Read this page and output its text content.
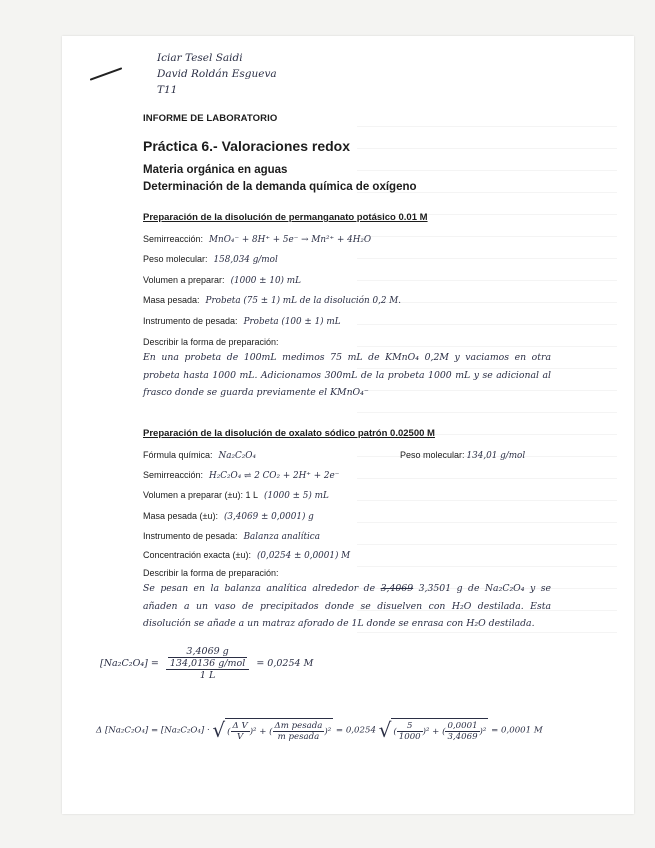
Iciar Tesel Saidi
David Roldán Esgueva
T11
INFORME DE LABORATORIO
Práctica 6.- Valoraciones redox
Materia orgánica en aguas
Determinación de la demanda química de oxígeno
Preparación de la disolución de permanganato potásico 0.01 M
Semirreacción: MnO₄⁻ + 8H⁺ + 5e⁻ → Mn²⁺ + 4H₂O
Peso molecular: 158,034 g/mol
Volumen a preparar: (1000 ± 10) mL
Masa pesada: Probeta (75 ± 1) mL de la disolución 0,2 M.
Instrumento de pesada: Probeta (100 ± 1) mL
Describir la forma de preparación:
En una probeta de 100mL medimos 75 mL de KMnO₄ 0,2M y vaciamos en otra probeta hasta 1000 mL. Adicionamos 300mL de la probeta 1000 mL y se adicional al frasco donde se guarda previamente el KMnO₄⁻
Preparación de la disolución de oxalato sódico patrón 0.02500 M
Fórmula química: Na₂C₂O₄	Peso molecular: 134,01 g/mol
Semirreacción: H₂C₂O₄ ⇌ 2 CO₂ + 2H⁺ + 2e⁻
Volumen a preparar (±u): 1 L (1000 ± 5) mL
Masa pesada (±u): (3,4069 ± 0,0001) g
Instrumento de pesada: Balanza analítica
Concentración exacta (±u): (0,0254 ± 0,0001) M
Describir la forma de preparación:
Se pesan en la balanza analítica alrededor de 3,4069 3,3501 g de Na₂C₂O₄ y se añaden a un vaso de precipitados donde se disuelven con H₂O destilada. Esta disolución se añade a un matraz aforado de 1L donde se enrasa con H₂O destilada.
$[Na_2C_2O_4] = \frac{\frac{3,4069 g}{\text{134,0136 g/mol}}}{1 L} = 0,0254$ M
Δ [Na₂C₂O₄] = [Na₂C₂O₄] · √( $\frac{\text{Δ V}}{V} )^2$ + ( $\frac{\text{Δm pesada}}{\text{m pesada}} )^2 = 0,0254$ √( $\frac{5}{1000} )^2$ + ( $\frac{0,0001}{3,4069} )^2 = 0,0001$ M
